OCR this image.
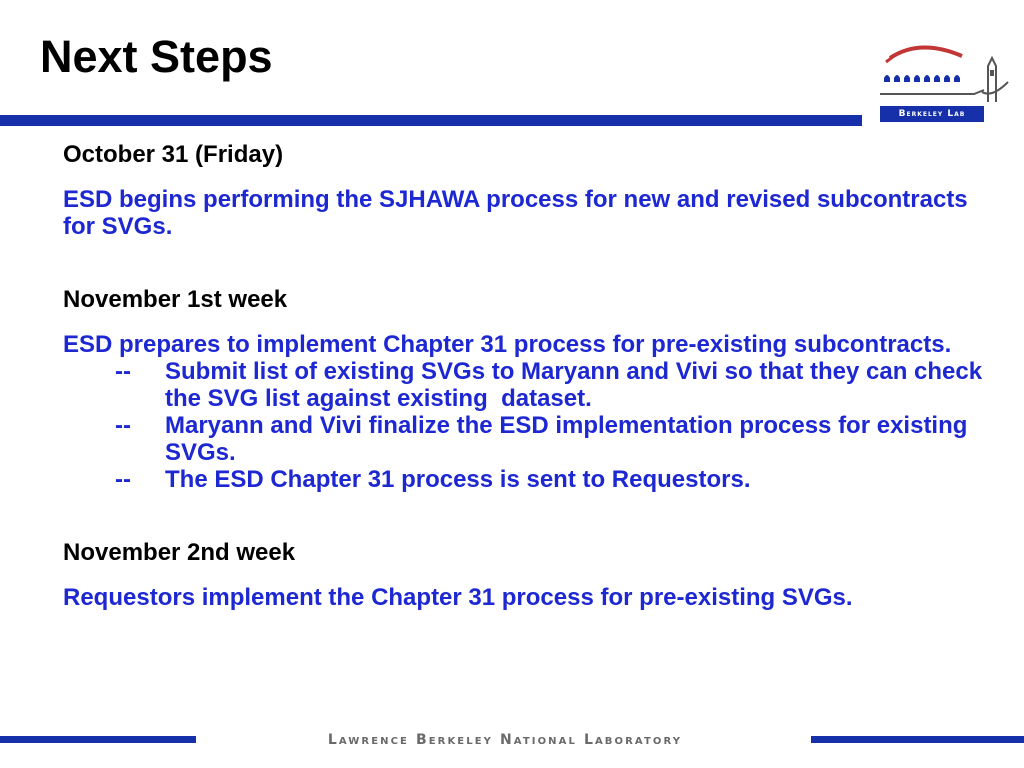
Next Steps
Berkeley Lab

October 31 (Friday)

ESD begins performing the SJHAWA process for new and revised subcontracts for SVGs.

November 1st week

ESD prepares to implement Chapter 31 process for pre-existing subcontracts.

-- Submit list of existing SVGs to Maryann and Vivi so that they can check the SVG list against existing  dataset.
-- Maryann and Vivi finalize the ESD implementation process for existing SVGs.
-- The ESD Chapter 31 process is sent to Requestors.

November 2nd week

Requestors implement the Chapter 31 process for pre-existing SVGs.

Lawrence Berkeley National Laboratory
